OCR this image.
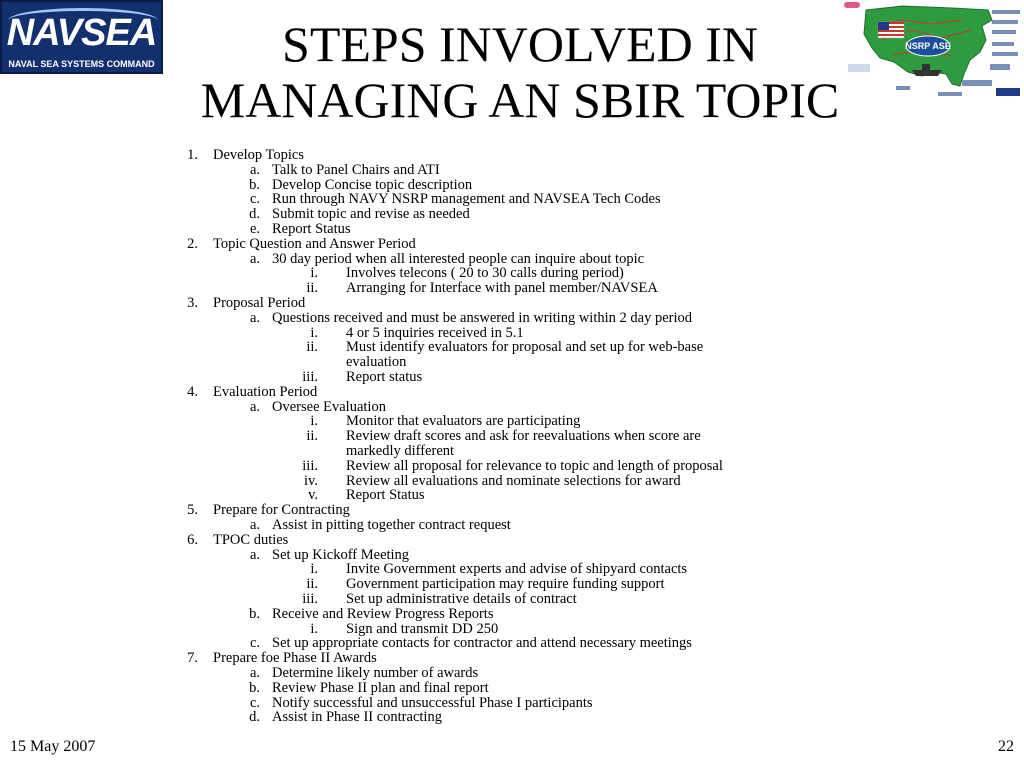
NAVSEA
NAVAL SEA SYSTEMS COMMAND	STEPS INVOLVED IN
MANAGING AN SBIR TOPIC
NSRP ASE
1. Develop Topics
a. Talk to Panel Chairs and ATI
b. Develop Concise topic description
c. Run through NAVY NSRP management and NAVSEA Tech Codes
d. Submit topic and revise as needed
e. Report Status
2. Topic Question and Answer Period
a. 30 day period when all interested people can inquire about topic
i. Involves telecons ( 20 to 30 calls during period)
ii. Arranging for Interface with panel member/NAVSEA
3. Proposal Period
a. Questions received and must be answered in writing within 2 day period
i. 4 or 5 inquiries received in 5.1
ii. Must identify evaluators for proposal and set up for web-base
evaluation
iii. Report status
4. Evaluation Period
a. Oversee Evaluation
i. Monitor that evaluators are participating
ii. Review draft scores and ask for reevaluations when score are
markedly different
iii. Review all proposal for relevance to topic and length of proposal
iv. Review all evaluations and nominate selections for award
v. Report Status
5. Prepare for Contracting
a. Assist in pitting together contract request
6. TPOC duties
a. Set up Kickoff Meeting
i. Invite Government experts and advise of shipyard contacts
ii. Government participation may require funding support
iii. Set up administrative details of contract
b. Receive and Review Progress Reports
i. Sign and transmit DD 250
c. Set up appropriate contacts for contractor and attend necessary meetings
7. Prepare foe Phase II Awards
a. Determine likely number of awards
b. Review Phase II plan and final report
c. Notify successful and unsuccessful Phase I participants
d. Assist in Phase II contracting
15 May 2007	22
